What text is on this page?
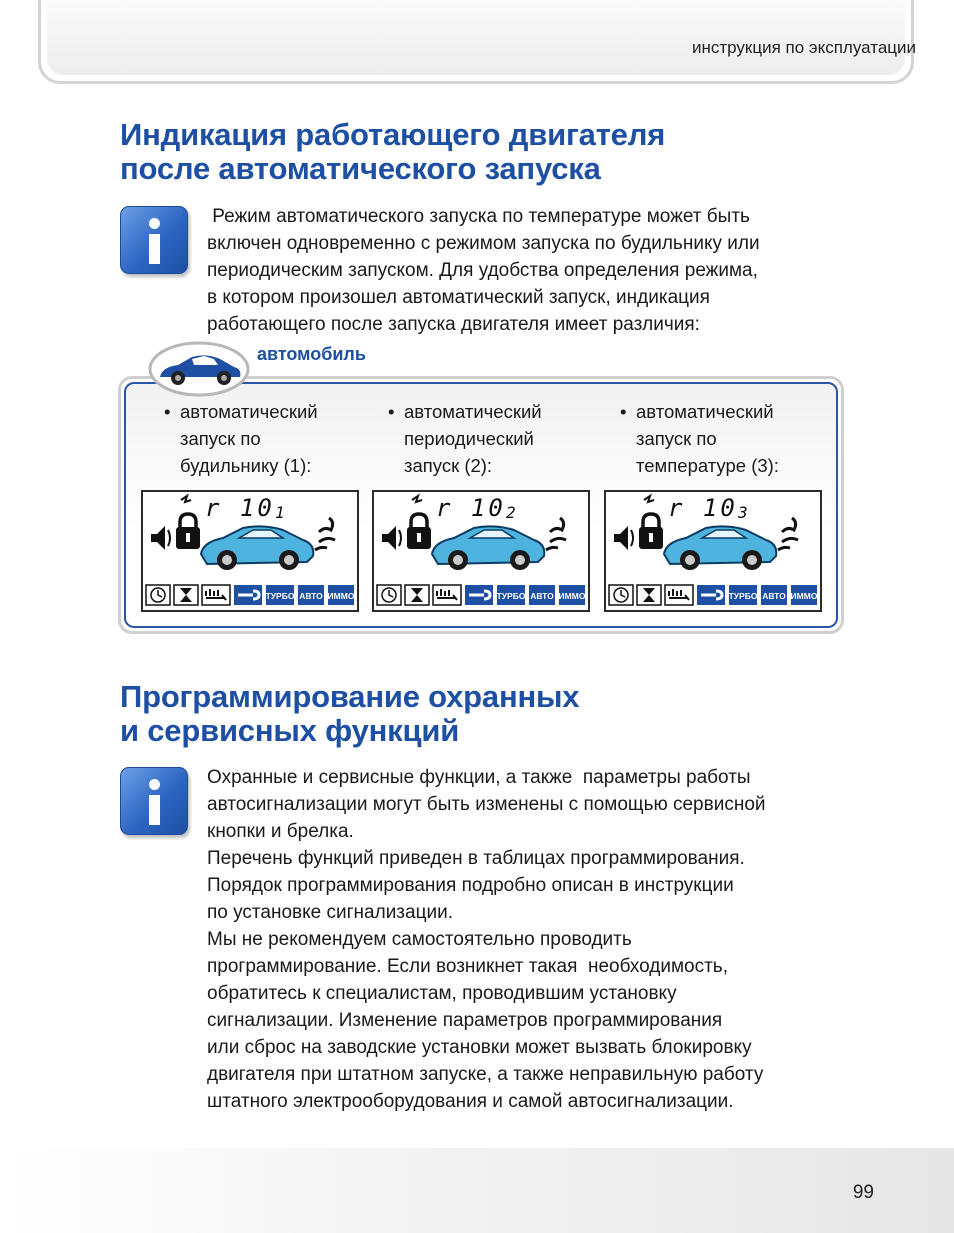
инструкция по эксплуатации
Индикация работающего двигателя
после автоматического запуска
Режим автоматического запуска по температуре может быть
включен одновременно с режимом запуска по будильнику или
периодическим запуском. Для удобства определения режима,
в котором произошел автоматический запуск, индикация
работающего после запуска двигателя имеет различия:
автомобиль
• автоматический
запуск по
будильнику (1):
• автоматический
периодический
запуск (2):
• автоматический
запуск по
температуре (3):
r 10 1
ТУРБО АВТО ИММО
r 10 2
ТУРБО АВТО ИММО
r 10 3
ТУРБО АВТО ИММО
Программирование охранных
и сервисных функций
Охранные и сервисные функции, а также  параметры работы
автосигнализации могут быть изменены с помощью сервисной
кнопки и брелка.
Перечень функций приведен в таблицах программирования.
Порядок программирования подробно описан в инструкции
по установке сигнализации.
Мы не рекомендуем самостоятельно проводить
программирование. Если возникнет такая  необходимость,
обратитесь к специалистам, проводившим установку
сигнализации. Изменение параметров программирования
или сброс на заводские установки может вызвать блокировку
двигателя при штатном запуске, а также неправильную работу
штатного электрооборудования и самой автосигнализации.
99
